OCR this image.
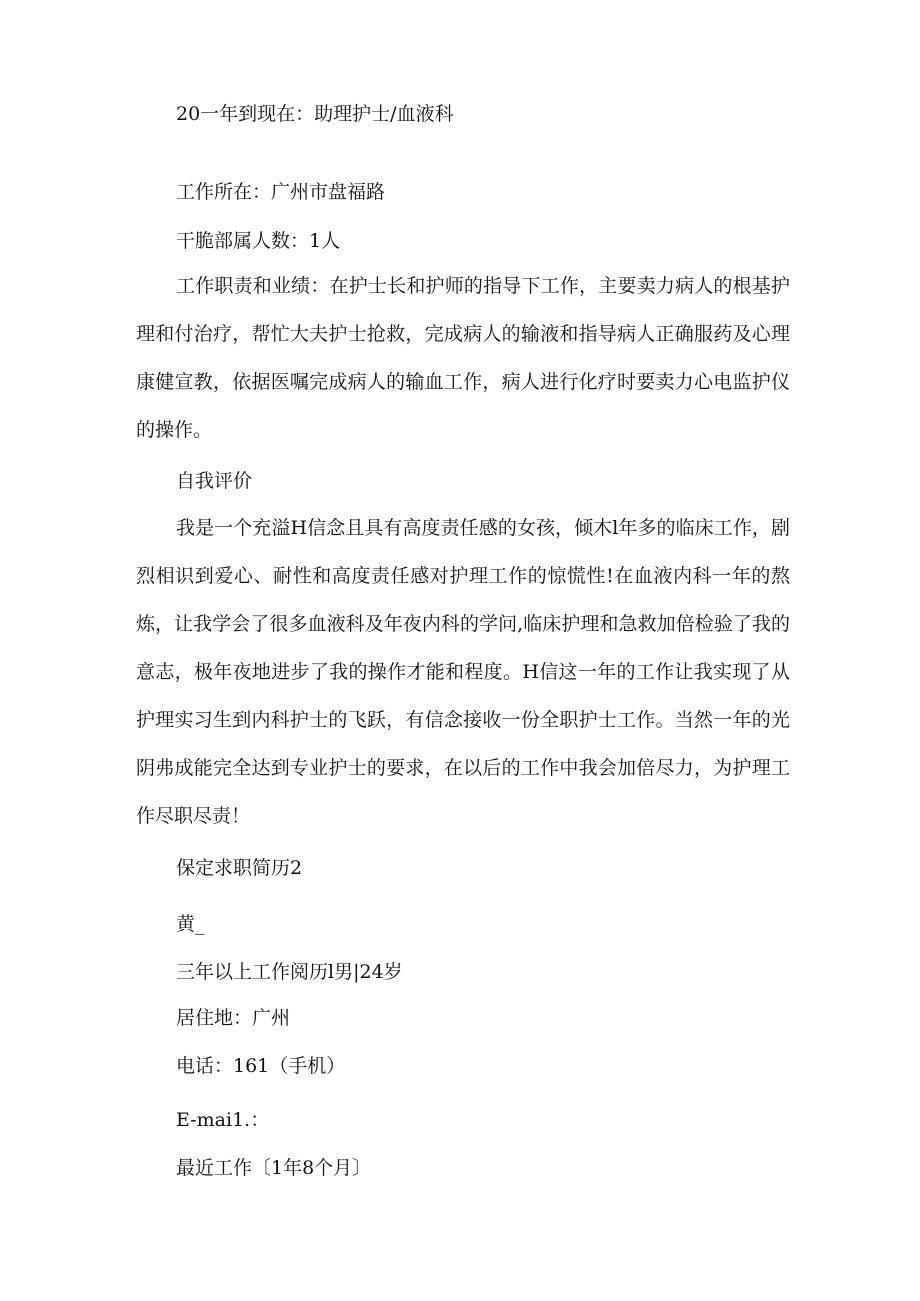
20一年到现在：助理护士/血液科

工作所在：广州市盘福路

干脆部属人数：1人

工作职责和业绩：在护士长和护师的指导下工作，主要卖力病人的根基护理和付治疗，帮忙大夫护士抢救，完成病人的输液和指导病人正确服药及心理康健宣教，依据医嘱完成病人的输血工作，病人进行化疗时要卖力心电监护仪的操作。

自我评价

我是一个充溢H信念且具有高度责任感的女孩，倾木l年多的临床工作，剧烈相识到爱心、耐性和高度责任感对护理工作的惊慌性!在血液内科一年的熬炼，让我学会了很多血液科及年夜内科的学问,临床护理和急救加倍检验了我的意志，极年夜地进步了我的操作才能和程度。H信这一年的工作让我实现了从护理实习生到内科护士的飞跃，有信念接收一份全职护士工作。当然一年的光阴弗成能完全达到专业护士的要求，在以后的工作中我会加倍尽力，为护理工作尽职尽责！

保定求职简历2

黄_

三年以上工作阅历l男|24岁

居住地：广州

电话：161（手机）

E-mai1.：

最近工作〔1年8个月〕
